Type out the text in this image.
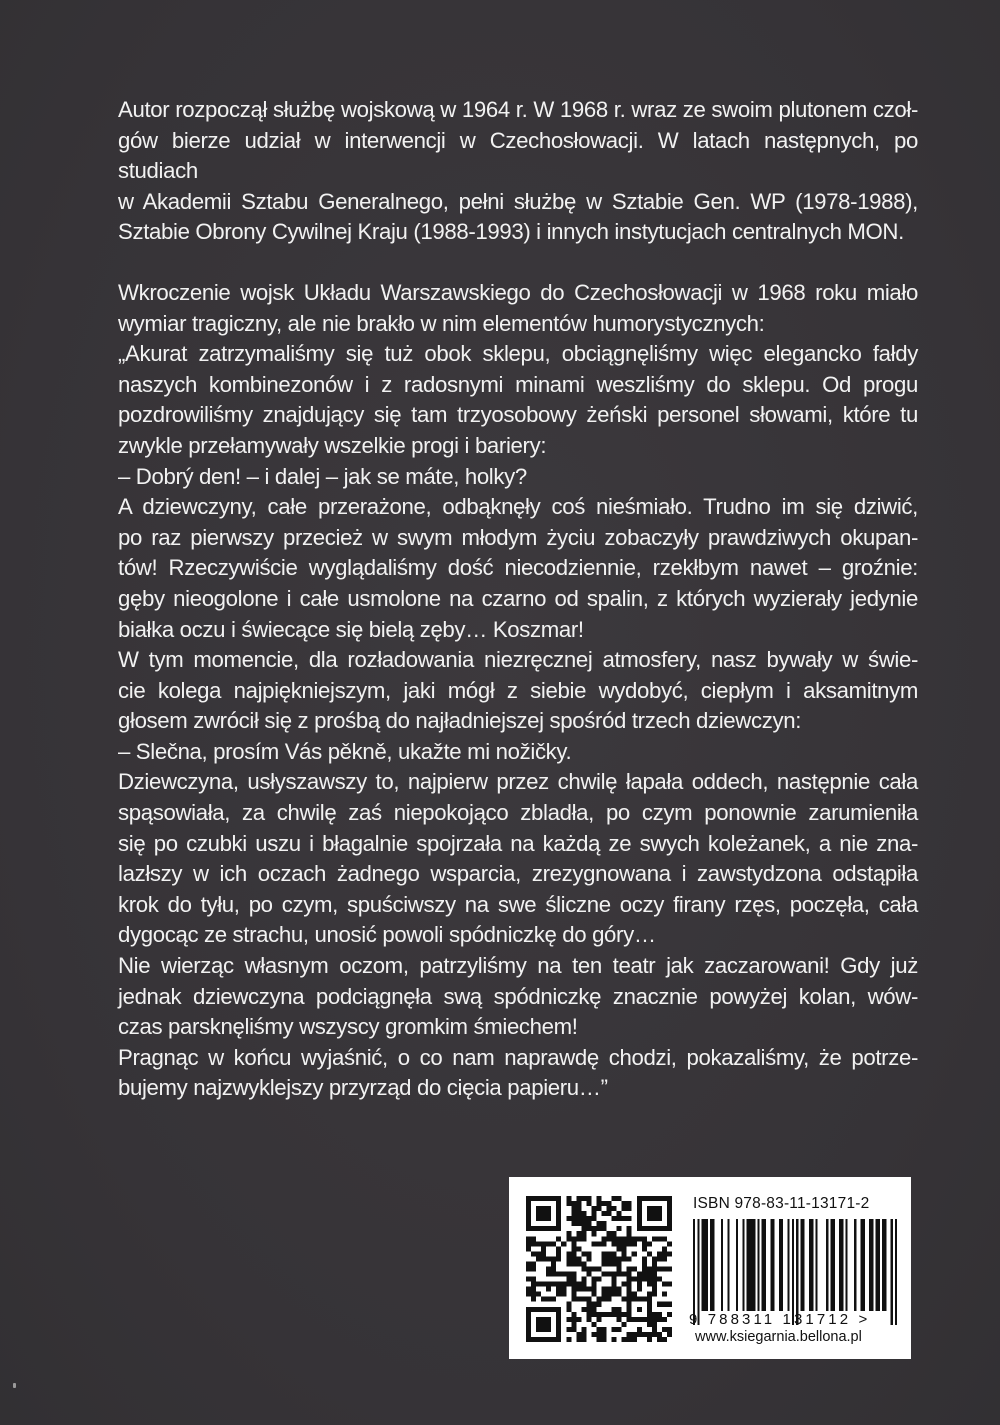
Autor rozpoczął służbę wojskową w 1964 r. W 1968 r. wraz ze swoim plutonem czoł-
gów bierze udział w interwencji w Czechosłowacji. W latach następnych, po studiach
w Akademii Sztabu Generalnego, pełni służbę w Sztabie Gen. WP (1978-1988),
Sztabie Obrony Cywilnej Kraju (1988-1993) i innych instytucjach centralnych MON.
Wkroczenie wojsk Układu Warszawskiego do Czechosłowacji w 1968 roku miało
wymiar tragiczny, ale nie brakło w nim elementów humorystycznych:
„Akurat zatrzymaliśmy się tuż obok sklepu, obciągnęliśmy więc elegancko fałdy
naszych kombinezonów i z radosnymi minami weszliśmy do sklepu. Od progu
pozdrowiliśmy znajdujący się tam trzyosobowy żeński personel słowami, które tu
zwykle przełamywały wszelkie progi i bariery:
– Dobrý den! – i dalej – jak se máte, holky?
A dziewczyny, całe przerażone, odbąknęły coś nieśmiało. Trudno im się dziwić,
po raz pierwszy przecież w swym młodym życiu zobaczyły prawdziwych okupan-
tów! Rzeczywiście wyglądaliśmy dość niecodziennie, rzekłbym nawet – groźnie:
gęby nieogolone i całe usmolone na czarno od spalin, z których wyzierały jedynie
białka oczu i świecące się bielą zęby… Koszmar!
W tym momencie, dla rozładowania niezręcznej atmosfery, nasz bywały w świe-
cie kolega najpiękniejszym, jaki mógł z siebie wydobyć, ciepłym i aksamitnym
głosem zwrócił się z prośbą do najładniejszej spośród trzech dziewczyn:
– Slečna, prosím Vás pěkně, ukažte mi nožičky.
Dziewczyna, usłyszawszy to, najpierw przez chwilę łapała oddech, następnie cała
spąsowiała, za chwilę zaś niepokojąco zbladła, po czym ponownie zarumieniła
się po czubki uszu i błagalnie spojrzała na każdą ze swych koleżanek, a nie zna-
lazłszy w ich oczach żadnego wsparcia, zrezygnowana i zawstydzona odstąpiła
krok do tyłu, po czym, spuściwszy na swe śliczne oczy firany rzęs, poczęła, cała
dygocąc ze strachu, unosić powoli spódniczkę do góry…
Nie wierząc własnym oczom, patrzyliśmy na ten teatr jak zaczarowani! Gdy już
jednak dziewczyna podciągnęła swą spódniczkę znacznie powyżej kolan, wów-
czas parsknęliśmy wszyscy gromkim śmiechem!
Pragnąc w końcu wyjaśnić, o co nam naprawdę chodzi, pokazaliśmy, że potrze-
bujemy najzwyklejszy przyrząd do cięcia papieru…”
ISBN 978-83-11-13171-2
9 788311 131712 >
www.ksiegarnia.bellona.pl
